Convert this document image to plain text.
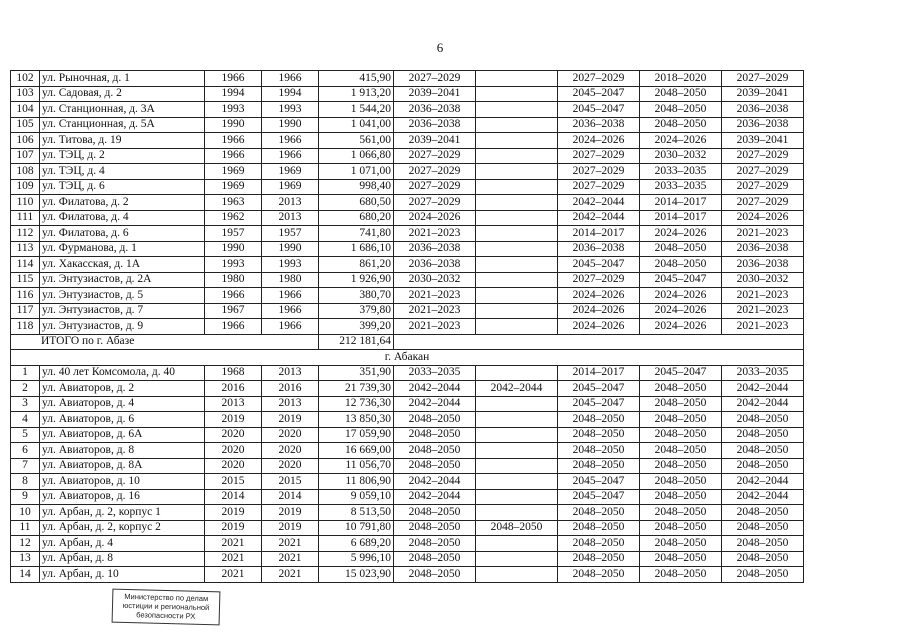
6
102	ул. Рыночная, д. 1	1966	1966	415,90	2027–2029		2027–2029	2018–2020	2027–2029
103	ул. Садовая, д. 2	1994	1994	1 913,20	2039–2041		2045–2047	2048–2050	2039–2041
104	ул. Станционная, д. 3А	1993	1993	1 544,20	2036–2038		2045–2047	2048–2050	2036–2038
105	ул. Станционная, д. 5А	1990	1990	1 041,00	2036–2038		2036–2038	2048–2050	2036–2038
106	ул. Титова, д. 19	1966	1966	561,00	2039–2041		2024–2026	2024–2026	2039–2041
107	ул. ТЭЦ, д. 2	1966	1966	1 066,80	2027–2029		2027–2029	2030–2032	2027–2029
108	ул. ТЭЦ, д. 4	1969	1969	1 071,00	2027–2029		2027–2029	2033–2035	2027–2029
109	ул. ТЭЦ, д. 6	1969	1969	998,40	2027–2029		2027–2029	2033–2035	2027–2029
110	ул. Филатова, д. 2	1963	2013	680,50	2027–2029		2042–2044	2014–2017	2027–2029
111	ул. Филатова, д. 4	1962	2013	680,20	2024–2026		2042–2044	2014–2017	2024–2026
112	ул. Филатова, д. 6	1957	1957	741,80	2021–2023		2014–2017	2024–2026	2021–2023
113	ул. Фурманова, д. 1	1990	1990	1 686,10	2036–2038		2036–2038	2048–2050	2036–2038
114	ул. Хакасская, д. 1А	1993	1993	861,20	2036–2038		2045–2047	2048–2050	2036–2038
115	ул. Энтузиастов, д. 2А	1980	1980	1 926,90	2030–2032		2027–2029	2045–2047	2030–2032
116	ул. Энтузиастов, д. 5	1966	1966	380,70	2021–2023		2024–2026	2024–2026	2021–2023
117	ул. Энтузиастов, д. 7	1967	1966	379,80	2021–2023		2024–2026	2024–2026	2021–2023
118	ул. Энтузиастов, д. 9	1966	1966	399,20	2021–2023		2024–2026	2024–2026	2021–2023
ИТОГО по г. Абазе				212 181,64					
г. Абакан									
1	ул. 40 лет Комсомола, д. 40	1968	2013	351,90	2033–2035		2014–2017	2045–2047	2033–2035
2	ул. Авиаторов, д. 2	2016	2016	21 739,30	2042–2044	2042–2044	2045–2047	2048–2050	2042–2044
3	ул. Авиаторов, д. 4	2013	2013	12 736,30	2042–2044		2045–2047	2048–2050	2042–2044
4	ул. Авиаторов, д. 6	2019	2019	13 850,30	2048–2050		2048–2050	2048–2050	2048–2050
5	ул. Авиаторов, д. 6А	2020	2020	17 059,90	2048–2050		2048–2050	2048–2050	2048–2050
6	ул. Авиаторов, д. 8	2020	2020	16 669,00	2048–2050		2048–2050	2048–2050	2048–2050
7	ул. Авиаторов, д. 8А	2020	2020	11 056,70	2048–2050		2048–2050	2048–2050	2048–2050
8	ул. Авиаторов, д. 10	2015	2015	11 806,90	2042–2044		2045–2047	2048–2050	2042–2044
9	ул. Авиаторов, д. 16	2014	2014	9 059,10	2042–2044		2045–2047	2048–2050	2042–2044
10	ул. Арбан, д. 2, корпус 1	2019	2019	8 513,50	2048–2050		2048–2050	2048–2050	2048–2050
11	ул. Арбан, д. 2, корпус 2	2019	2019	10 791,80	2048–2050	2048–2050	2048–2050	2048–2050	2048–2050
12	ул. Арбан, д. 4	2021	2021	6 689,20	2048–2050		2048–2050	2048–2050	2048–2050
13	ул. Арбан, д. 8	2021	2021	5 996,10	2048–2050		2048–2050	2048–2050	2048–2050
14	ул. Арбан, д. 10	2021	2021	15 023,90	2048–2050		2048–2050	2048–2050	2048–2050
Министерство по делам
юстиции и региональной
безопасности РХ
